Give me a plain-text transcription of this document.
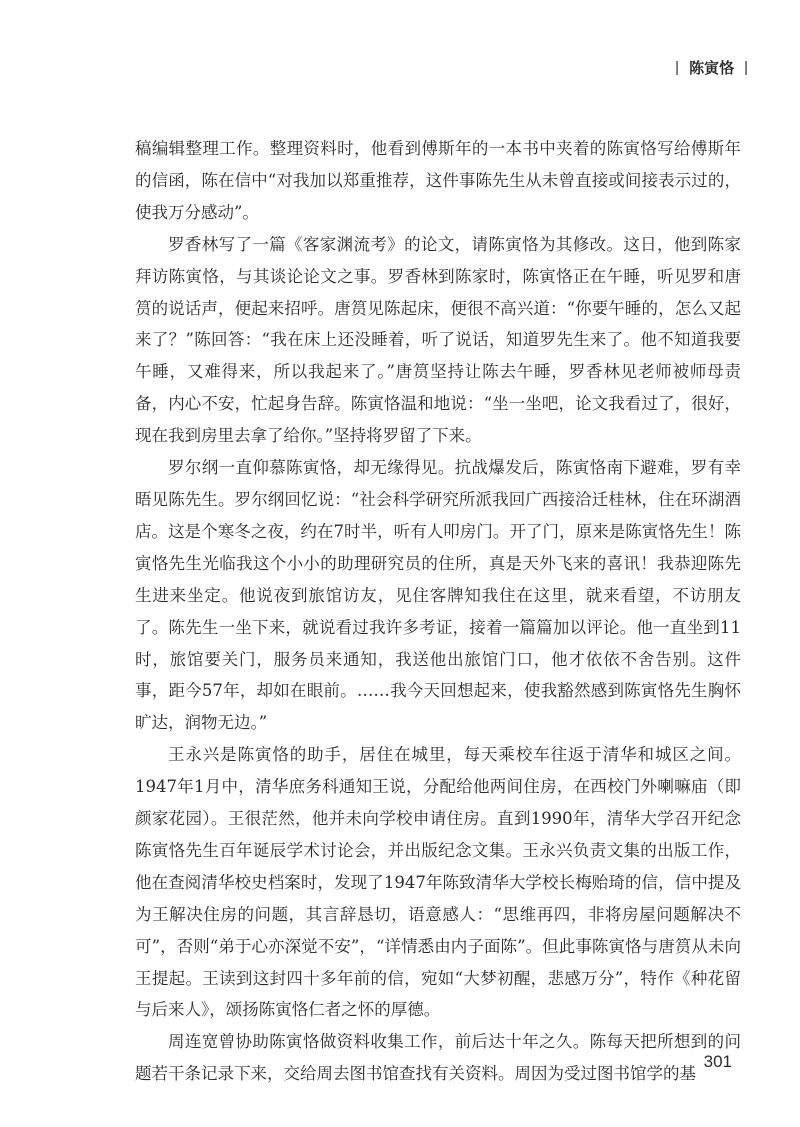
| 陈寅恪 |

稿编辑整理工作。整理资料时，他看到傅斯年的一本书中夹着的陈寅恪写给傅斯年的信函，陈在信中“对我加以郑重推荐，这件事陈先生从未曾直接或间接表示过的，使我万分感动”。

罗香林写了一篇《客家渊流考》的论文，请陈寅恪为其修改。这日，他到陈家拜访陈寅恪，与其谈论论文之事。罗香林到陈家时，陈寅恪正在午睡，听见罗和唐筼的说话声，便起来招呼。唐筼见陈起床，便很不高兴道：“你要午睡的，怎么又起来了？”陈回答：“我在床上还没睡着，听了说话，知道罗先生来了。他不知道我要午睡，又难得来，所以我起来了。”唐筼坚持让陈去午睡，罗香林见老师被师母责备，内心不安，忙起身告辞。陈寅恪温和地说：“坐一坐吧，论文我看过了，很好，现在我到房里去拿了给你。”坚持将罗留了下来。

罗尔纲一直仰慕陈寅恪，却无缘得见。抗战爆发后，陈寅恪南下避难，罗有幸晤见陈先生。罗尔纲回忆说：“社会科学研究所派我回广西接洽迁桂林，住在环湖酒店。这是个寒冬之夜，约在7时半，听有人叩房门。开了门，原来是陈寅恪先生！陈寅恪先生光临我这个小小的助理研究员的住所，真是天外飞来的喜讯！我恭迎陈先生进来坐定。他说夜到旅馆访友，见住客牌知我住在这里，就来看望，不访朋友了。陈先生一坐下来，就说看过我许多考证，接着一篇篇加以评论。他一直坐到11时，旅馆要关门，服务员来通知，我送他出旅馆门口，他才依依不舍告别。这件事，距今57年，却如在眼前。……我今天回想起来，使我豁然感到陈寅恪先生胸怀旷达，润物无边。”

王永兴是陈寅恪的助手，居住在城里，每天乘校车往返于清华和城区之间。1947年1月中，清华庶务科通知王说，分配给他两间住房，在西校门外喇嘛庙（即颜家花园）。王很茫然，他并未向学校申请住房。直到1990年，清华大学召开纪念陈寅恪先生百年诞辰学术讨论会，并出版纪念文集。王永兴负责文集的出版工作，他在查阅清华校史档案时，发现了1947年陈致清华大学校长梅贻琦的信，信中提及为王解决住房的问题，其言辞恳切，语意感人：“思维再四，非将房屋问题解决不可”，否则“弟于心亦深觉不安”，“详情悉由内子面陈”。但此事陈寅恪与唐筼从未向王提起。王读到这封四十多年前的信，宛如“大梦初醒，悲感万分”，特作《种花留与后来人》，颂扬陈寅恪仁者之怀的厚德。

周连宽曾协助陈寅恪做资料收集工作，前后达十年之久。陈每天把所想到的问题若干条记录下来，交给周去图书馆查找有关资料。周因为受过图书馆学的基

301
